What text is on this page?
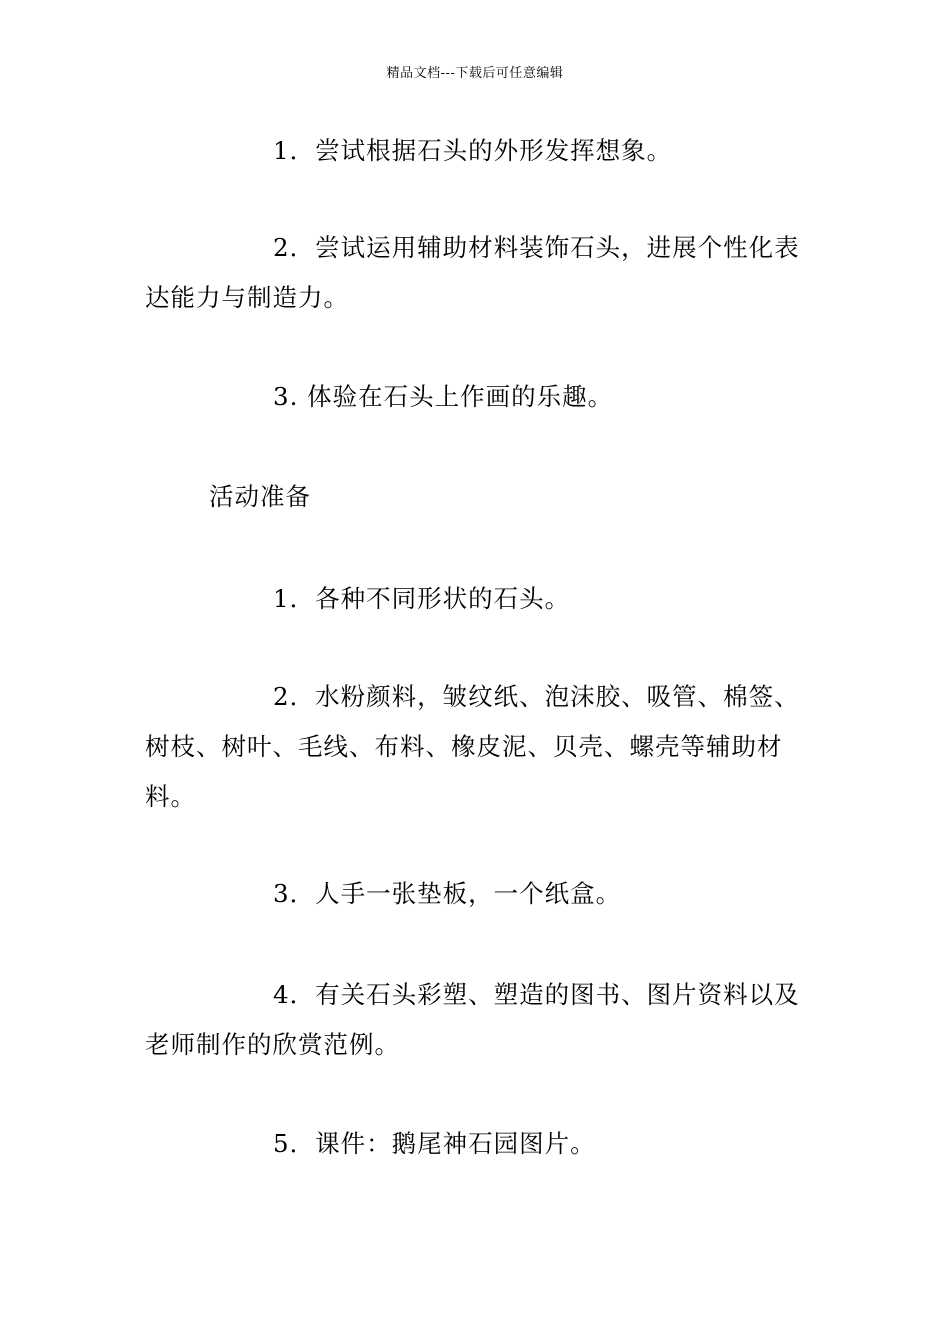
精品文档---下载后可任意编辑
1．尝试根据石头的外形发挥想象。
2．尝试运用辅助材料装饰石头，进展个性化表达能力与制造力。
3. 体验在石头上作画的乐趣。
活动准备
1．各种不同形状的石头。
2．水粉颜料，皱纹纸、泡沫胶、吸管、棉签、树枝、树叶、毛线、布料、橡皮泥、贝壳、螺壳等辅助材料。
3．人手一张垫板，一个纸盒。
4．有关石头彩塑、塑造的图书、图片资料以及老师制作的欣赏范例。
5．课件：鹅尾神石园图片。
